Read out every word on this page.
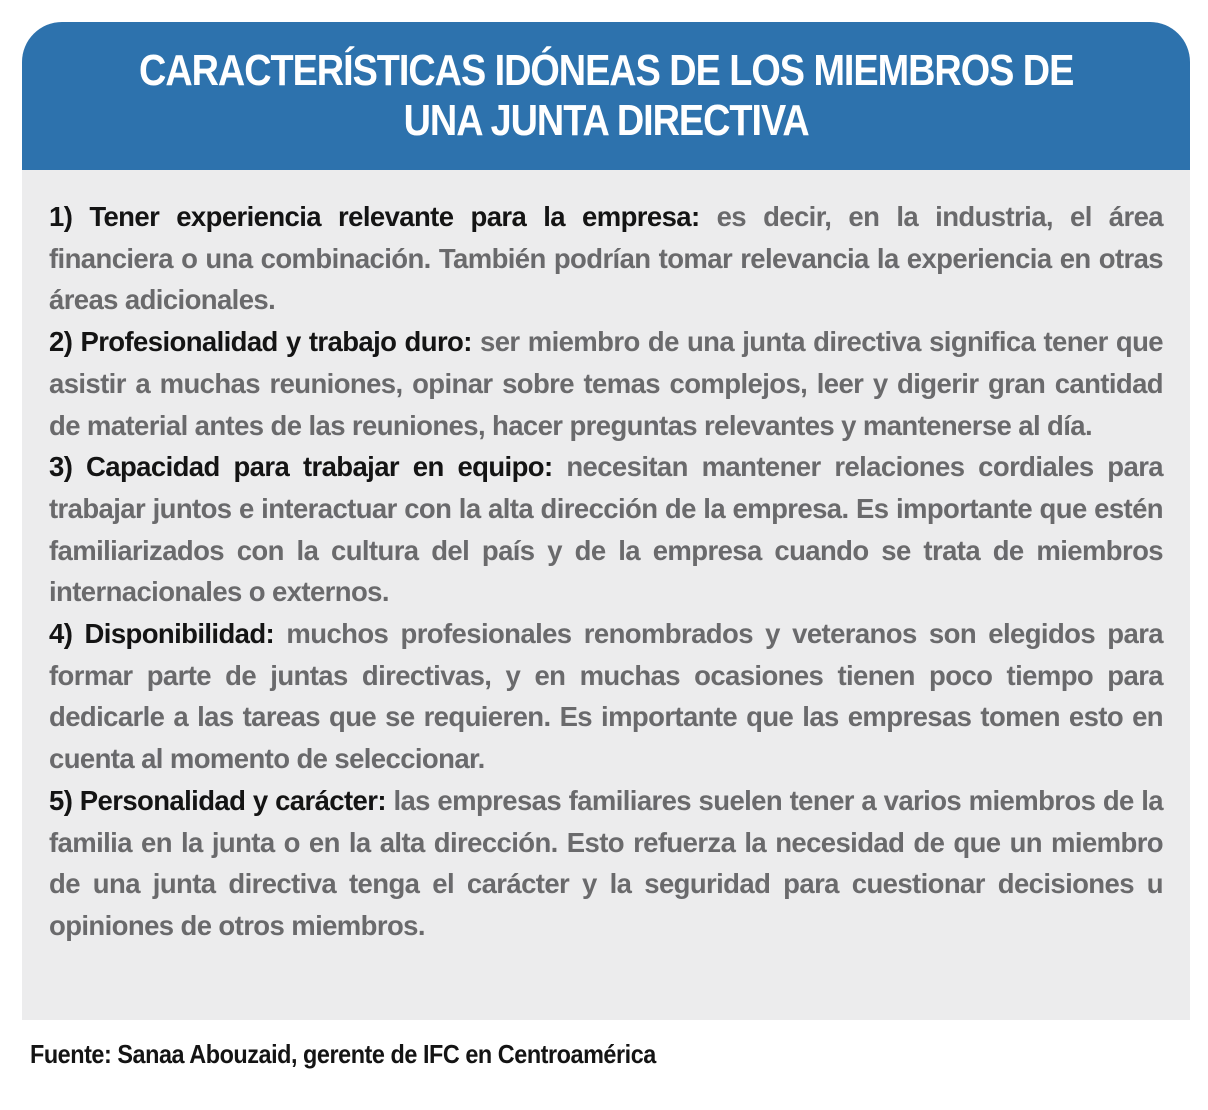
CARACTERÍSTICAS IDÓNEAS DE LOS MIEMBROS DE
UNA JUNTA DIRECTIVA

1) Tener experiencia relevante para la empresa: es decir, en la industria, el área financiera o una combinación. También podrían tomar relevancia la experiencia en otras áreas adicionales.

2) Profesionalidad y trabajo duro: ser miembro de una junta directiva significa tener que asistir a muchas reuniones, opinar sobre temas complejos, leer y digerir gran cantidad de material antes de las reuniones, hacer preguntas relevantes y mantenerse al día.

3) Capacidad para trabajar en equipo: necesitan mantener relaciones cordiales para trabajar juntos e interactuar con la alta dirección de la empresa. Es importante que estén familiarizados con la cultura del país y de la empresa cuando se trata de miembros internacionales o externos.

4) Disponibilidad: muchos profesionales renombrados y veteranos son elegidos para formar parte de juntas directivas, y en muchas ocasiones tienen poco tiempo para dedicarle a las tareas que se requieren. Es importante que las empresas tomen esto en cuenta al momento de seleccionar.

5) Personalidad y carácter: las empresas familiares suelen tener a varios miembros de la familia en la junta o en la alta dirección. Esto refuerza la necesidad de que un miembro de una junta directiva tenga el carácter y la seguridad para cuestionar decisiones u opiniones de otros miembros.

Fuente: Sanaa Abouzaid, gerente de IFC en Centroamérica
